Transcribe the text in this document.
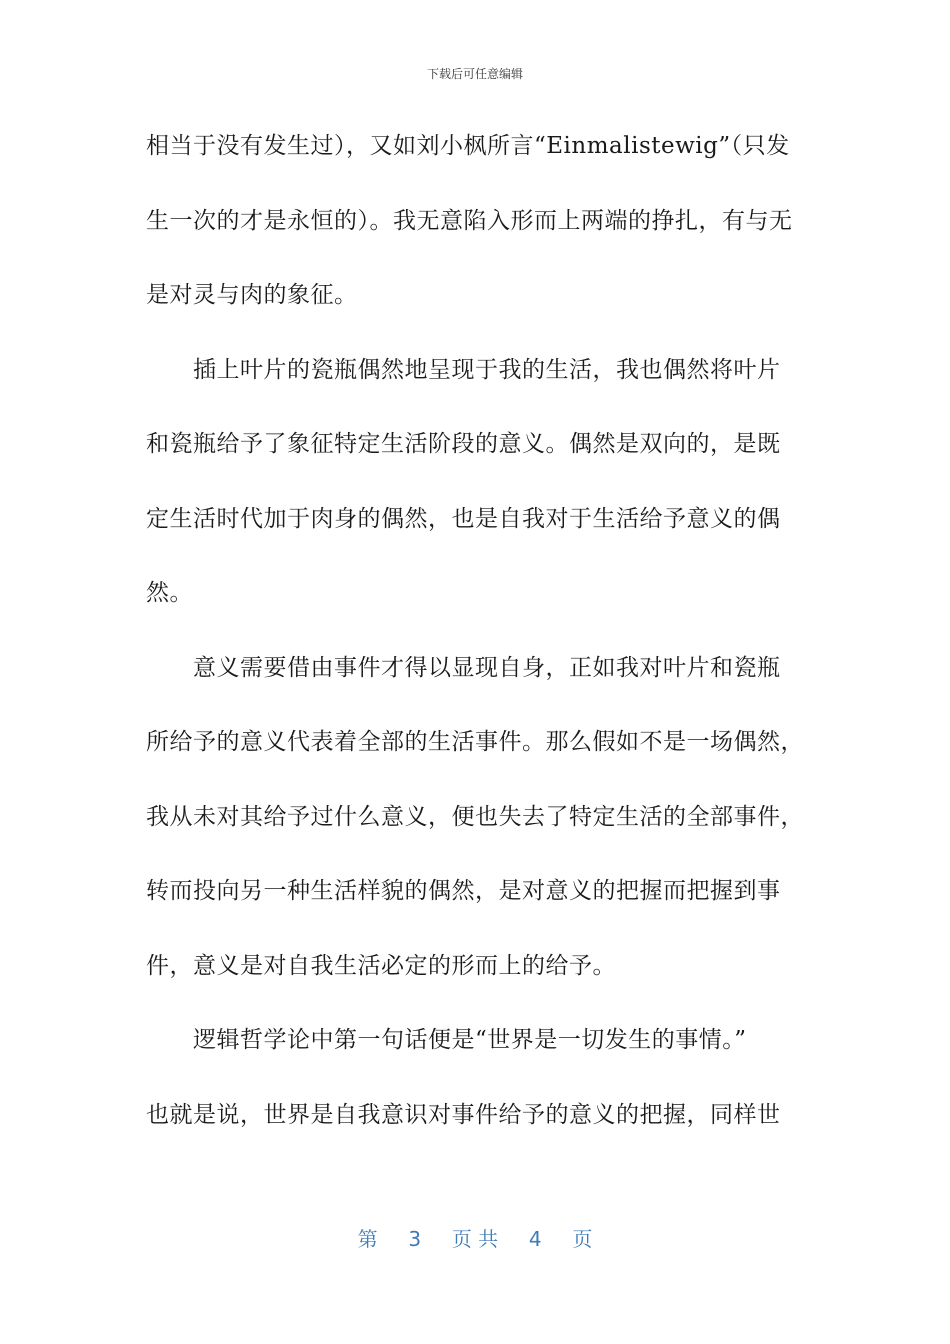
下载后可任意编辑
相当于没有发生过），又如刘小枫所言“Einmalistewig”（只发
生一次的才是永恒的）。我无意陷入形而上两端的挣扎，有与无
是对灵与肉的象征。
插上叶片的瓷瓶偶然地呈现于我的生活，我也偶然将叶片
和瓷瓶给予了象征特定生活阶段的意义。偶然是双向的，是既
定生活时代加于肉身的偶然，也是自我对于生活给予意义的偶
然。
意义需要借由事件才得以显现自身，正如我对叶片和瓷瓶
所给予的意义代表着全部的生活事件。那么假如不是一场偶然，
我从未对其给予过什么意义，便也失去了特定生活的全部事件，
转而投向另一种生活样貌的偶然，是对意义的把握而把握到事
件，意义是对自我生活必定的形而上的给予。
逻辑哲学论中第一句话便是“世界是一切发生的事情。”
也就是说，世界是自我意识对事件给予的意义的把握，同样世
第 3 页 共 4 页
